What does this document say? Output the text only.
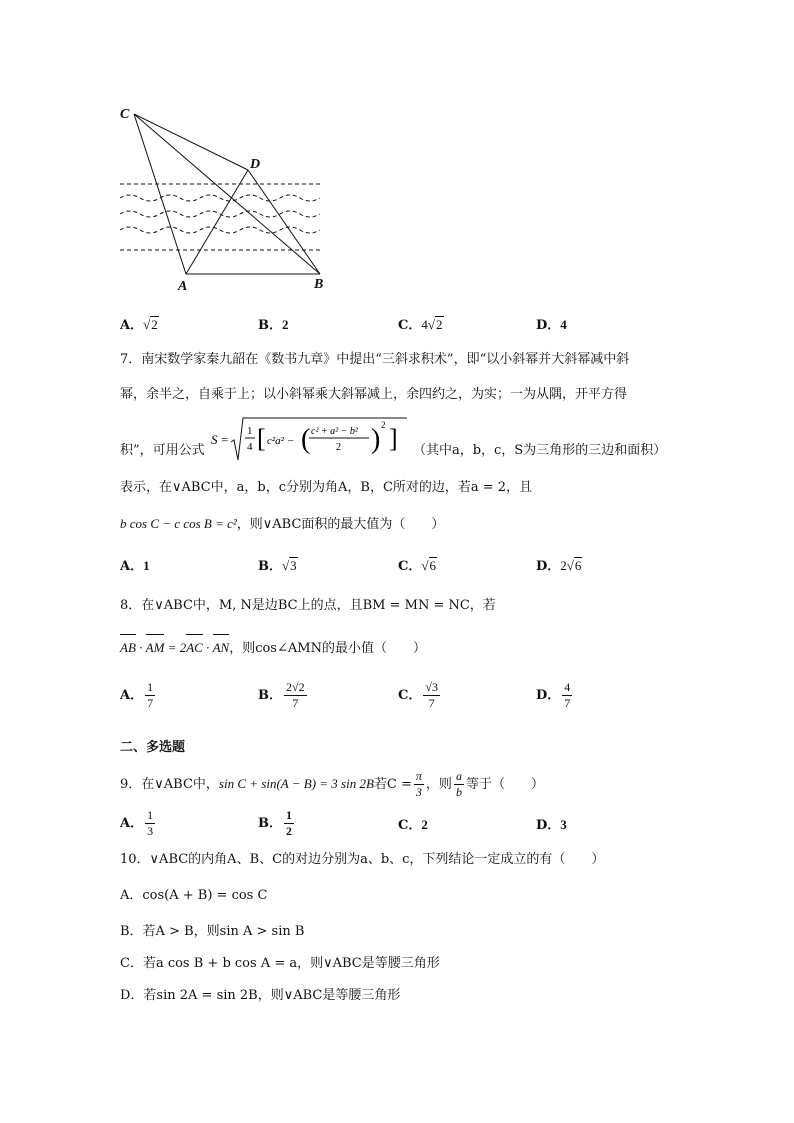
C
D
A	B
A．√2	B．2	C．4√2	D．4
7．南宋数学家秦九韶在《数书九章》中提出“三斜求积术”，即“以小斜幂并大斜幂减中斜
幂，余半之，自乘于上；以小斜幂乘大斜幂减上，余四约之，为实；一为从隅，开平方得
积”，可用公式
S =
1
4 [ c²a² − ( c² + a² − b²
2 ) 2 ] （其中a，b，c，S为三角形的三边和面积）
表示，在∨ABC中，a，b，c分别为角A，B，C所对的边，若a = 2，且
b cos C − c cos B = c²，则∨ABC面积的最大值为（　　）
A．1	B．√3	C．√6	D．2√6
8．在∨ABC中，M, N是边BC上的点，且BM = MN = NC，若
AB · AM = 2AC · AN，则cos∠AMN的最小值（　　）
A． $\frac{1}{7}$	B． $\frac{2√2}{7}$	C． $\frac{√3}{7}$	D． $\frac{4}{7}$
二、多选题
9．在∨ABC中，sin C + sin(A − B) = 3 sin 2B若$C = \frac{\pi}{3}$ ，则 $\frac{a}{b}$ 等于（　　）
A． $\frac{1}{3}$	B． $\frac{1}{2}$	C．2	D．3
10．∨ABC的内角A、B、C的对边分别为a、b、c，下列结论一定成立的有（　　）
A．cos(A + B) = cos C
B．若A > B，则sin A > sin B
C．若a cos B + b cos A = a，则∨ABC是等腰三角形
D．若sin 2A = sin 2B，则∨ABC是等腰三角形
